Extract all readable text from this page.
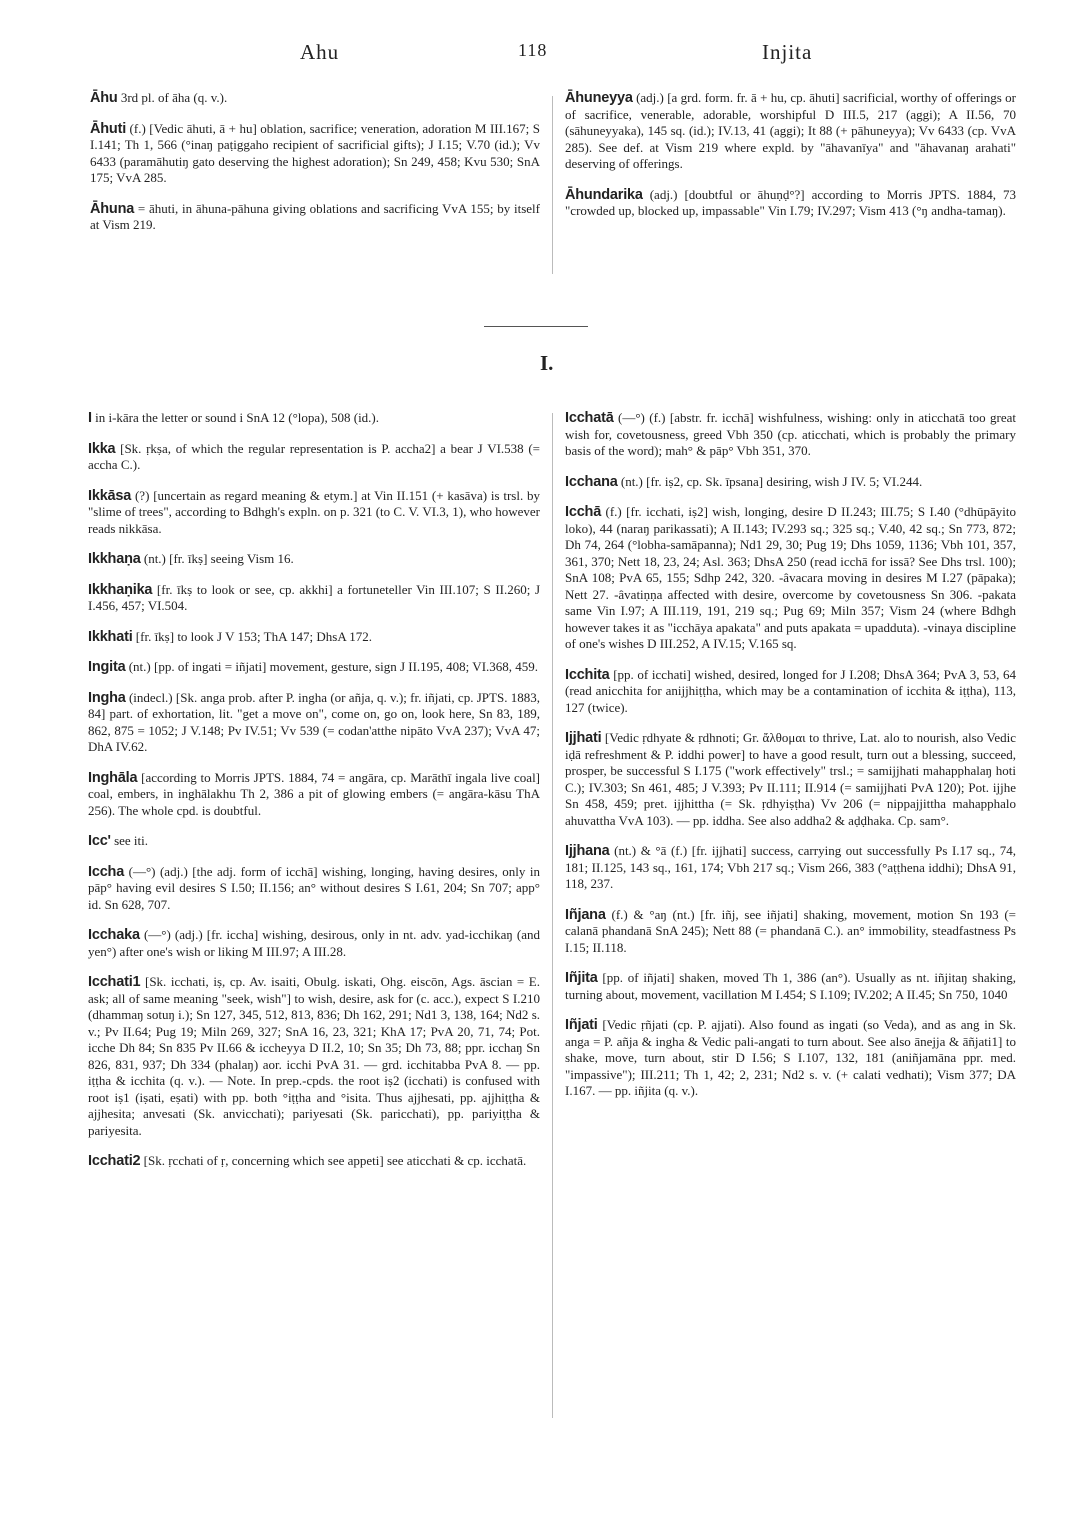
Ahu	118	Injita

Āhu 3rd pl. of āha (q. v.).

Āhuti (f.) [Vedic āhuti, ā + hu] oblation, sacrifice; veneration, adoration M III.167; S I.141; Th 1, 566 (°inaŋ paṭiggaho recipient of sacrificial gifts); J I.15; V.70 (id.); Vv 6433 (paramāhutiŋ gato deserving the highest adoration); Sn 249, 458; Kvu 530; SnA 175; VvA 285.

Āhuna = āhuti, in āhuna-pāhuna giving oblations and sacrificing VvA 155; by itself at Vism 219.

Āhuneyya (adj.) [a grd. form. fr. ā + hu, cp. āhuti] sacrificial, worthy of offerings or of sacrifice, venerable, adorable, worshipful D III.5, 217 (aggi); A II.56, 70 (sāhuneyyaka), 145 sq. (id.); IV.13, 41 (aggi); It 88 (+ pāhuneyya); Vv 6433 (cp. VvA 285). See def. at Vism 219 where expld. by "āhavanīya" and "āhavanaŋ arahati" deserving of offerings.

Āhundarika (adj.) [doubtful or āhuṇḍ°?] according to Morris JPTS. 1884, 73 "crowded up, blocked up, impassable" Vin I.79; IV.297; Vism 413 (°ŋ andha-tamaŋ).

I.

I in i-kāra the letter or sound i SnA 12 (°lopa), 508 (id.).

Ikka [Sk. ṛkṣa, of which the regular representation is P. accha2] a bear J VI.538 (= accha C.).

Ikkāsa (?) [uncertain as regard meaning & etym.] at Vin II.151 (+ kasāva) is trsl. by "slime of trees", according to Bdhgh's expln. on p. 321 (to C. V. VI.3, 1), who however reads nikkāsa.

Ikkhaṇa (nt.) [fr. īkṣ] seeing Vism 16.

Ikkhaṇika [fr. īkṣ to look or see, cp. akkhi] a fortuneteller Vin III.107; S II.260; J I.456, 457; VI.504.

Ikkhati [fr. īkṣ] to look J V 153; ThA 147; DhsA 172.

Ingita (nt.) [pp. of ingati = iñjati] movement, gesture, sign J II.195, 408; VI.368, 459.

Ingha (indecl.) [Sk. anga prob. after P. ingha (or añja, q. v.); fr. iñjati, cp. JPTS. 1883, 84] part. of exhortation, lit. "get a move on", come on, go on, look here, Sn 83, 189, 862, 875 = 1052; J V.148; Pv IV.51; Vv 539 (= codan'atthe nipāto VvA 237); VvA 47; DhA IV.62.

Inghāla [according to Morris JPTS. 1884, 74 = angāra, cp. Marāthī ingala live coal] coal, embers, in inghālakhu Th 2, 386 a pit of glowing embers (= angāra-kāsu ThA 256). The whole cpd. is doubtful.

Icc' see iti.

Iccha (—°) (adj.) [the adj. form of icchā] wishing, longing, having desires, only in pāp° having evil desires S I.50; II.156; an° without desires S I.61, 204; Sn 707; app° id. Sn 628, 707.

Icchaka (—°) (adj.) [fr. iccha] wishing, desirous, only in nt. adv. yad-icchikaŋ (and yen°) after one's wish or liking M III.97; A III.28.

Icchati1 [Sk. icchati, iṣ, cp. Av. isaiti, Obulg. iskati, Ohg. eiscōn, Ags. āscian = E. ask; all of same meaning "seek, wish"] to wish, desire, ask for (c. acc.), expect S I.210 (dhammaŋ sotuŋ i.); Sn 127, 345, 512, 813, 836; Dh 162, 291; Nd1 3, 138, 164; Nd2 s. v.; Pv II.64; Pug 19; Miln 269, 327; SnA 16, 23, 321; KhA 17; PvA 20, 71, 74; Pot. icche Dh 84; Sn 835 Pv II.66 & iccheyya D II.2, 10; Sn 35; Dh 73, 88; ppr. icchaŋ Sn 826, 831, 937; Dh 334 (phalaŋ) aor. icchi PvA 31. — grd. icchitabba PvA 8. — pp. iṭṭha & icchita (q. v.). — Note. In prep.-cpds. the root iṣ2 (icchati) is confused with root iṣ1 (iṣati, eṣati) with pp. both °iṭṭha and °isita. Thus ajjhesati, pp. ajjhiṭṭha & ajjhesita; anvesati (Sk. anvicchati); pariyesati (Sk. paricchati), pp. pariyiṭṭha & pariyesita.

Icchati2 [Sk. ṛcchati of ṛ, concerning which see appeti] see aticchati & cp. icchatā.

Icchatā (—°) (f.) [abstr. fr. icchā] wishfulness, wishing: only in aticchatā too great wish for, covetousness, greed Vbh 350 (cp. aticchati, which is probably the primary basis of the word); mah° & pāp° Vbh 351, 370.

Icchana (nt.) [fr. iṣ2, cp. Sk. īpsana] desiring, wish J IV. 5; VI.244.

Icchā (f.) [fr. icchati, iṣ2] wish, longing, desire D II.243; III.75; S I.40 (°dhūpāyito loko), 44 (naraŋ parikassati); A II.143; IV.293 sq.; 325 sq.; V.40, 42 sq.; Sn 773, 872; Dh 74, 264 (°lobha-samāpanna); Nd1 29, 30; Pug 19; Dhs 1059, 1136; Vbh 101, 357, 361, 370; Nett 18, 23, 24; Asl. 363; DhsA 250 (read icchā for issā? See Dhs trsl. 100); SnA 108; PvA 65, 155; Sdhp 242, 320. -âvacara moving in desires M I.27 (pāpaka); Nett 27. -âvatiṇṇa affected with desire, overcome by covetousness Sn 306. -pakata same Vin I.97; A III.119, 191, 219 sq.; Pug 69; Miln 357; Vism 24 (where Bdhgh however takes it as "icchāya apakata" and puts apakata = upadduta). -vinaya discipline of one's wishes D III.252, A IV.15; V.165 sq.

Icchita [pp. of icchati] wished, desired, longed for J I.208; DhsA 364; PvA 3, 53, 64 (read anicchita for anijjhiṭṭha, which may be a contamination of icchita & iṭṭha), 113, 127 (twice).

Ijjhati [Vedic ṛdhyate & ṛdhnoti; Gr. ἄλθομαι to thrive, Lat. alo to nourish, also Vedic iḍā refreshment & P. iddhi power] to have a good result, turn out a blessing, succeed, prosper, be successful S I.175 ("work effectively" trsl.; = samijjhati mahapphalaŋ hoti C.); IV.303; Sn 461, 485; J V.393; Pv II.111; II.914 (= samijjhati PvA 120); Pot. ijjhe Sn 458, 459; pret. ijjhittha (= Sk. ṛdhyiṣṭha) Vv 206 (= nippajjittha mahapphalo ahuvattha VvA 103). — pp. iddha. See also addha2 & aḍḍhaka. Cp. sam°.

Ijjhana (nt.) & °ā (f.) [fr. ijjhati] success, carrying out successfully Ps I.17 sq., 74, 181; II.125, 143 sq., 161, 174; Vbh 217 sq.; Vism 266, 383 (°aṭṭhena iddhi); DhsA 91, 118, 237.

Iñjana (f.) & °aŋ (nt.) [fr. iñj, see iñjati] shaking, movement, motion Sn 193 (= calanā phandanā SnA 245); Nett 88 (= phandanā C.). an° immobility, steadfastness Ps I.15; II.118.

Iñjita [pp. of iñjati] shaken, moved Th 1, 386 (an°). Usually as nt. iñjitaŋ shaking, turning about, movement, vacillation M I.454; S I.109; IV.202; A II.45; Sn 750, 1040

Iñjati [Vedic ṛñjati (cp. P. ajjati). Also found as ingati (so Veda), and as ang in Sk. anga = P. añja & ingha & Vedic pali-angati to turn about. See also ānejja & āñjati1] to shake, move, turn about, stir D I.56; S I.107, 132, 181 (aniñjamāna ppr. med. "impassive"); III.211; Th 1, 42; 2, 231; Nd2 s. v. (+ calati vedhati); Vism 377; DA I.167. — pp. iñjita (q. v.).
